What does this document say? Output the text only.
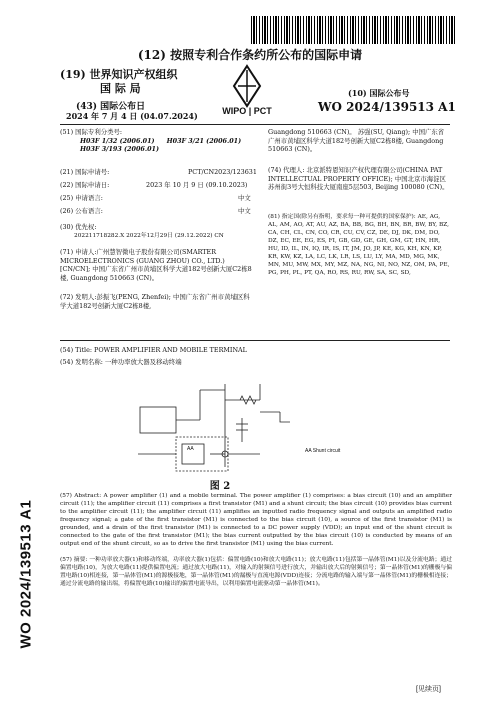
(12) 按照专利合作条约所公布的国际申请
(19) 世界知识产权组织
国 际 局
(43) 国际公布日
2024 年 7 月 4 日 (04.07.2024)	WIPO | PCT
(10) 国际公布号
WO 2024/139513 A1
(51) 国际专利分类号:
H03F 1/32 (2006.01) H03F 3/21 (2006.01)
H03F 3/193 (2006.01)
(21) 国际申请号:	PCT/CN2023/123631
(22) 国际申请日:	2023 年 10 月 9 日 (09.10.2023)
(25) 申请语言:	中文
(26) 公布语言:	中文
(30) 优先权:
202211718282.X 2022年12月29日 (29.12.2022) CN
(71) 申请人:广州慧智微电子股份有限公司(SMARTER MICROELECTRONICS (GUANG ZHOU) CO., LTD.) [CN/CN]; 中国广东省广州市黄埔区科学大道182号创新大厦C2栋8楼, Guangdong 510663 (CN)。
(72) 发明人:彭振飞(PENG, Zhenfei); 中国广东省广州市黄埔区科学大道182号创新大厦C2栋8楼,
Guangdong 510663 (CN)。 苏强(SU, Qiang); 中国广东省广州市黄埔区科学大道182号创新大厦C2栋8楼, Guangdong 510663 (CN)。
(74) 代理人: 北京派特恩知识产权代理有限公司(CHINA PAT INTELLECTUAL PROPERTY OFFICE); 中国北京市海淀区苏州街3号大恒科技大厦南座5层503, Beijing 100080 (CN)。
(81) 指定国(除另有指明，要求每一种可提供的国家保护): AE, AG, AL, AM, AO, AT, AU, AZ, BA, BB, BG, BH, BN, BR, BW, BY, BZ, CA, CH, CL, CN, CO, CR, CU, CV, CZ, DE, DJ, DK, DM, DO, DZ, EC, EE, EG, ES, FI, GB, GD, GE, GH, GM, GT, HN, HR, HU, ID, IL, IN, IQ, IR, IS, IT, JM, JO, JP, KE, KG, KH, KN, KP, KR, KW, KZ, LA, LC, LK, LR, LS, LU, LY, MA, MD, MG, MK, MN, MU, MW, MX, MY, MZ, NA, NG, NI, NO, NZ, OM, PA, PE, PG, PH, PL, PT, QA, RO, RS, RU, RW, SA, SC, SD,
(54) Title: POWER AMPLIFIER AND MOBILE TERMINAL
(54) 发明名称: 一种功率放大器及移动终端
AA	AA Shunt circuit
图 2
(57) Abstract: A power amplifier (1) and a mobile terminal. The power amplifier (1) comprises: a bias circuit (10) and an amplifier circuit (11); the amplifier circuit (11) comprises a first transistor (M1) and a shunt circuit; the bias circuit (10) provides bias current to the amplifier circuit (11); the amplifier circuit (11) amplifies an inputted radio frequency signal and outputs an amplified radio frequency signal; a gate of the first transistor (M1) is connected to the bias circuit (10), a source of the first transistor (M1) is grounded, and a drain of the first transistor (M1) is connected to a DC power supply (VDD); an input end of the shunt circuit is connected to the gate of the first transistor (M1); the bias current outputted by the bias circuit (10) is conducted by means of an output end of the shunt circuit, so as to drive the first transistor (M1) using the bias current.
(57) 摘要: 一种功率放大器(1)和移动终端，功率放大器(1)包括：偏置电路(10)和放大电路(11)；放大电路(11)包括第一晶体管(M1)以及分流电路；通过偏置电路(10)，为放大电路(11)提供偏置电流；通过放大电路(11)，对输入的射频信号进行放大，并输出放大后的射频信号；第一晶体管(M1)的栅极与偏置电路(10)相连接，第一晶体管(M1)的源极接地，第一晶体管(M1)的漏极与直流电源(VDD)连接；分流电路的输入端与第一晶体管(M1)的栅极相连接；通过分流电路的输出端，将偏置电路(10)输出的偏置电流导出，以利用偏置电流驱动第一晶体管(M1)。
WO 2024/139513 A1
[见续页]
